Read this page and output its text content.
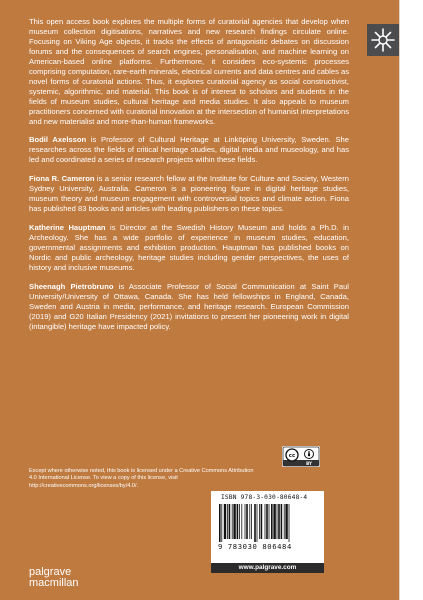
This open access book explores the multiple forms of curatorial agencies that develop when museum collection digitisations, narratives and new research findings circulate online. Focusing on Viking Age objects, it tracks the effects of antagonistic debates on discussion forums and the consequences of search engines, personalisation, and machine learning on American-based online platforms. Furthermore, it considers eco-systemic processes comprising computation, rare-earth minerals, electrical currents and data centres and cables as novel forms of curatorial actions. Thus, it explores curatorial agency as social constructivist, systemic, algorithmic, and material. This book is of interest to scholars and students in the fields of museum studies, cultural heritage and media studies. It also appeals to museum practitioners concerned with curatorial innovation at the intersection of humanist interpretations and new materialist and more-than-human frameworks.

Bodil Axelsson is Professor of Cultural Heritage at Linköping University, Sweden. She researches across the fields of critical heritage studies, digital media and museology, and has led and coordinated a series of research projects within these fields.

Fiona R. Cameron is a senior research fellow at the Institute for Culture and Society, Western Sydney University, Australia. Cameron is a pioneering figure in digital heritage studies, museum theory and museum engagement with controversial topics and climate action. Fiona has published 83 books and articles with leading publishers on these topics.

Katherine Hauptman is Director at the Swedish History Museum and holds a Ph.D. in Archeology. She has a wide portfolio of experience in museum studies, education, governmental assignments and exhibition production. Hauptman has published books on Nordic and public archeology, heritage studies including gender perspectives, the uses of history and inclusive museums.

Sheenagh Pietrobruno is Associate Professor of Social Communication at Saint Paul University/University of Ottawa, Canada. She has held fellowships in England, Canada, Sweden and Austria in media, performance, and heritage research. European Commission (2019) and G20 Italian Presidency (2021) invitations to present her pioneering work in digital (intangible) heritage have impacted policy.

Except where otherwise noted, this book is licensed under a Creative Commons Attribution 4.0 International License. To view a copy of this license, visit http://creativecommons.org/licenses/by/4.0/.
cc
BY
ISBN 978-3-030-80648-4
9 783030 806484
www.palgrave.com
palgrave
macmillan
